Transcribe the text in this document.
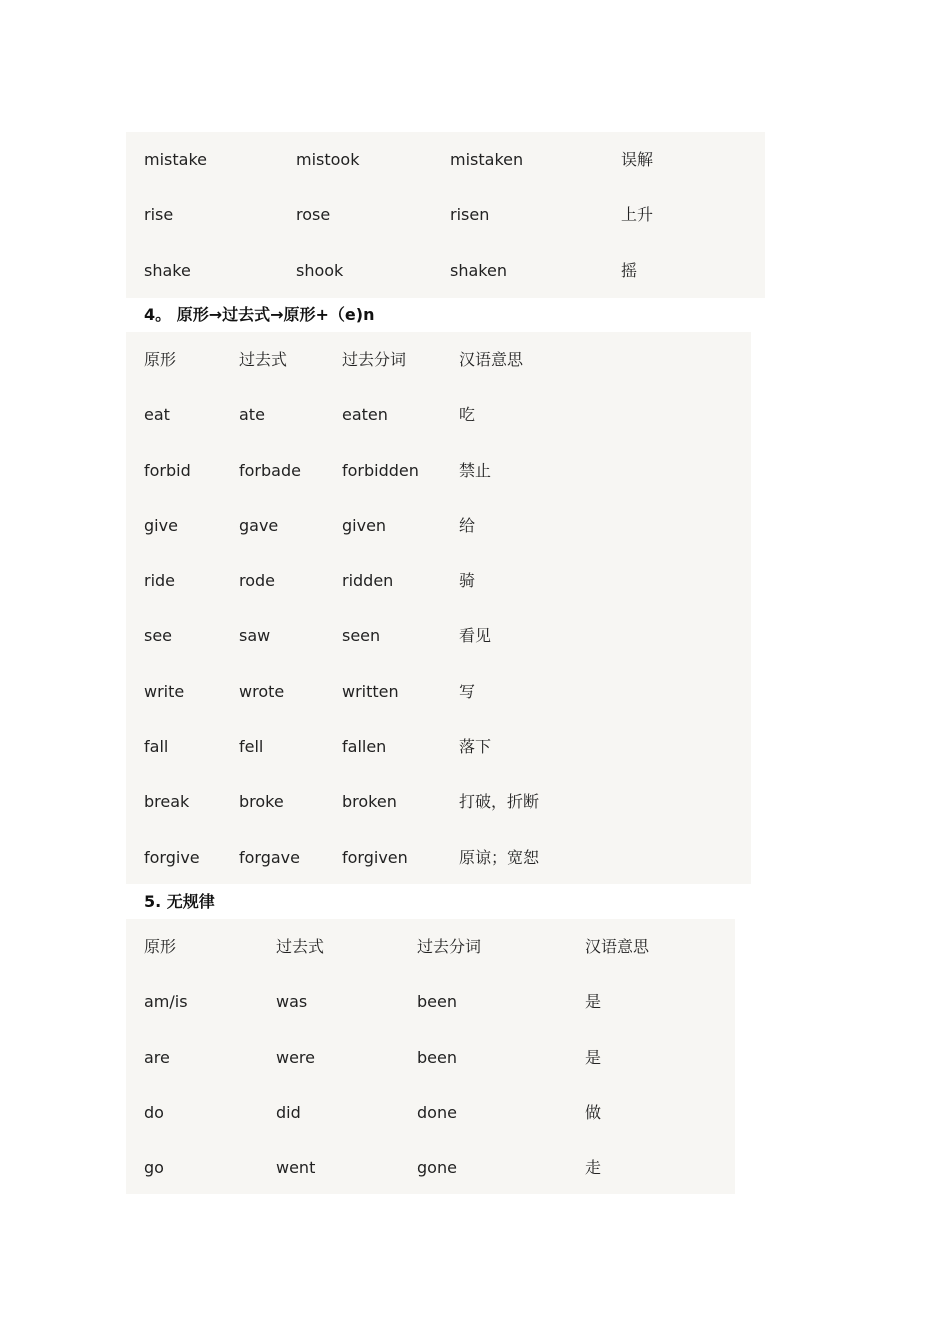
mistake	mistook	mistaken	误解
rise	rose	risen	上升
shake	shook	shaken	摇
4。 原形→过去式→原形+（e)n
原形	过去式	过去分词	汉语意思
eat	ate	eaten	吃
forbid	forbade	forbidden	禁止
give	gave	given	给
ride	rode	ridden	骑
see	saw	seen	看见
write	wrote	written	写
fall	fell	fallen	落下
break	broke	broken	打破，折断
forgive forgave	forgiven	原谅；宽恕
5. 无规律
原形	过去式	过去分词	汉语意思
am/is	was	been	是
are	were	been	是
do	did	done	做
go	went	gone	走
